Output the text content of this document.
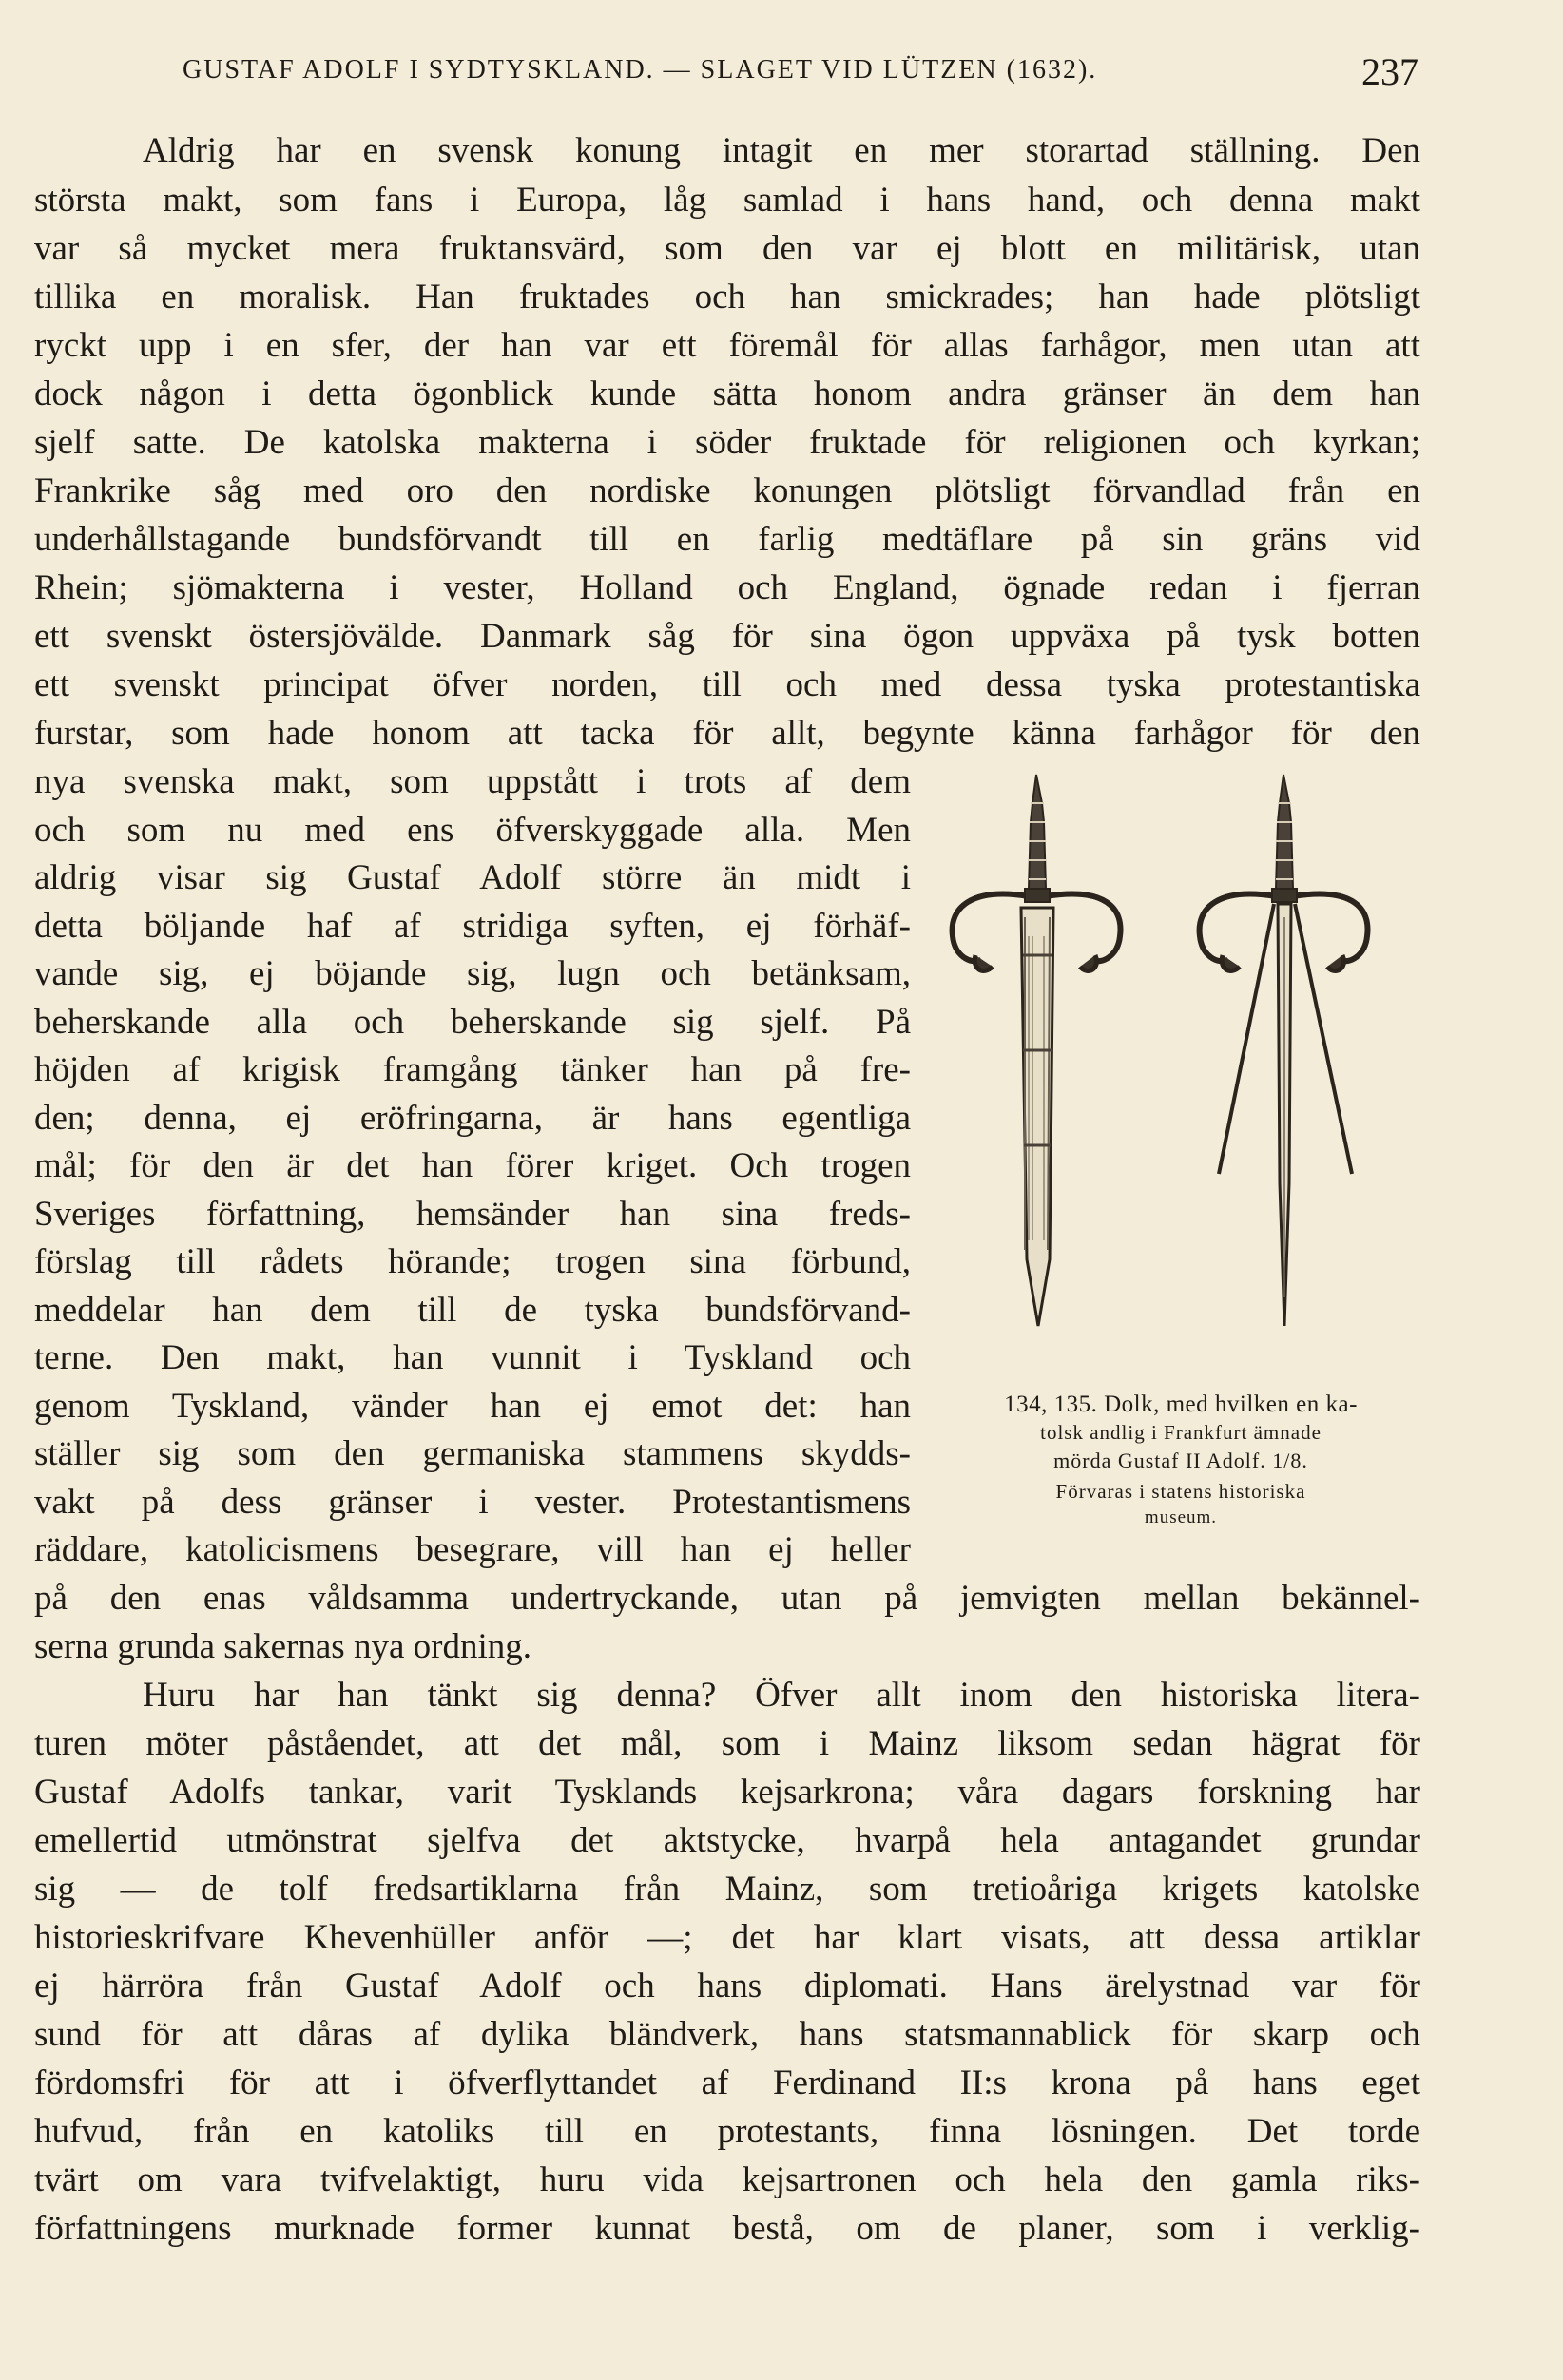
GUSTAF ADOLF I SYDTYSKLAND. — SLAGET VID LÜTZEN (1632).	237
Aldrig har en svensk konung intagit en mer storartad ställning. Den
största makt, som fans i Europa, låg samlad i hans hand, och denna makt
var så mycket mera fruktansvärd, som den var ej blott en militärisk, utan
tillika en moralisk. Han fruktades och han smickrades; han hade plötsligt
ryckt upp i en sfer, der han var ett föremål för allas farhågor, men utan att
dock någon i detta ögonblick kunde sätta honom andra gränser än dem han
sjelf satte. De katolska makterna i söder fruktade för religionen och kyrkan;
Frankrike såg med oro den nordiske konungen plötsligt förvandlad från en
underhållstagande bundsförvandt till en farlig medtäflare på sin gräns vid
Rhein; sjömakterna i vester, Holland och England, ögnade redan i fjerran
ett svenskt östersjövälde. Danmark såg för sina ögon uppväxa på tysk botten
ett svenskt principat öfver norden, till och med dessa tyska protestantiska
furstar, som hade honom att tacka för allt, begynte känna farhågor för den
nya svenska makt, som uppstått i trots af dem
och som nu med ens öfverskyggade alla. Men
aldrig visar sig Gustaf Adolf större än midt i
detta böljande haf af stridiga syften, ej förhäf-
vande sig, ej böjande sig, lugn och betänksam,
beherskande alla och beherskande sig sjelf. På
höjden af krigisk framgång tänker han på fre-
den; denna, ej eröfringarna, är hans egentliga
mål; för den är det han förer kriget. Och trogen
Sveriges författning, hemsänder han sina freds-
förslag till rådets hörande; trogen sina förbund,
meddelar han dem till de tyska bundsförvand-
terne. Den makt, han vunnit i Tyskland och
genom Tyskland, vänder han ej emot det: han
ställer sig som den germaniska stammens skydds-
vakt på dess gränser i vester. Protestantismens
räddare, katolicismens besegrare, vill han ej heller
på den enas våldsamma undertryckande, utan på jemvigten mellan bekännel-
serna grunda sakernas nya ordning.
Huru har han tänkt sig denna? Öfver allt inom den historiska litera-
turen möter påståendet, att det mål, som i Mainz liksom sedan hägrat för
Gustaf Adolfs tankar, varit Tysklands kejsarkrona; våra dagars forskning har
emellertid utmönstrat sjelfva det aktstycke, hvarpå hela antagandet grundar
sig — de tolf fredsartiklarna från Mainz, som tretioåriga krigets katolske
historieskrifvare Khevenhüller anför —; det har klart visats, att dessa artiklar
ej härröra från Gustaf Adolf och hans diplomati. Hans ärelystnad var för
sund för att dåras af dylika bländverk, hans statsmannablick för skarp och
fördomsfri för att i öfverflyttandet af Ferdinand II:s krona på hans eget
hufvud, från en katoliks till en protestants, finna lösningen. Det torde
tvärt om vara tvifvelaktigt, huru vida kejsartronen och hela den gamla riks-
författningens murknade former kunnat bestå, om de planer, som i verklig-
134, 135. Dolk, med hvilken en ka-
tolsk andlig i Frankfurt ämnade
mörda Gustaf II Adolf. 1/8.
Förvaras i statens historiska
museum.
